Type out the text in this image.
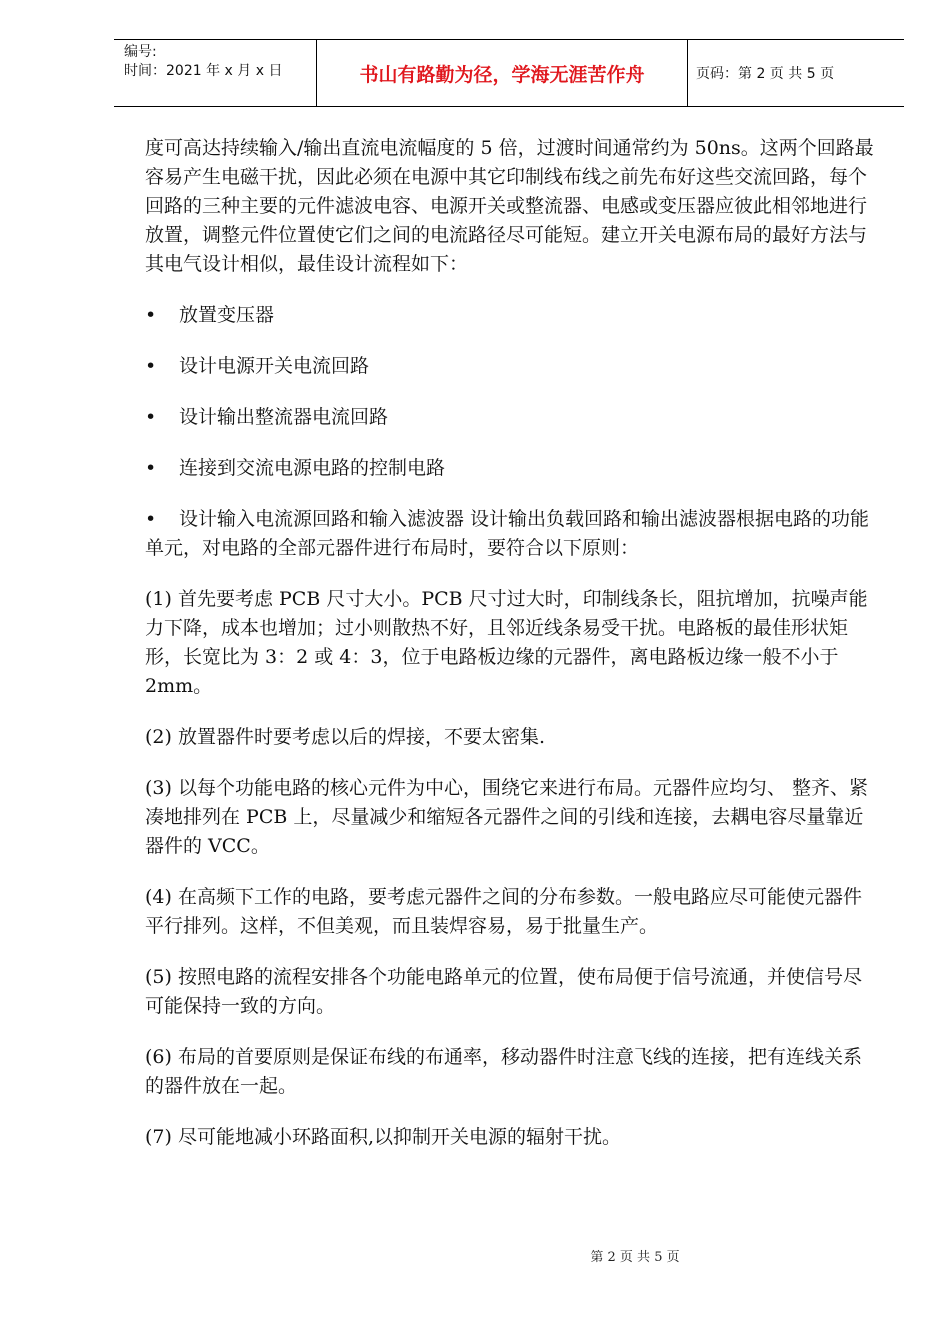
编号:
时间：2021 年 x 月 x 日	书山有路勤为径，学海无涯苦作舟	页码：第 2 页 共 5 页

度可高达持续输入/输出直流电流幅度的 5 倍，过渡时间通常约为 50ns。这两个回路最容易产生电磁干扰，因此必须在电源中其它印制线布线之前先布好这些交流回路，每个回路的三种主要的元件滤波电容、电源开关或整流器、电感或变压器应彼此相邻地进行放置，调整元件位置使它们之间的电流路径尽可能短。建立开关电源布局的最好方法与其电气设计相似，最佳设计流程如下：

• 放置变压器
• 设计电源开关电流回路
• 设计输出整流器电流回路
• 连接到交流电源电路的控制电路
• 设计输入电流源回路和输入滤波器 设计输出负载回路和输出滤波器根据电路的功能单元，对电路的全部元器件进行布局时，要符合以下原则：

(1) 首先要考虑 PCB 尺寸大小。PCB 尺寸过大时，印制线条长，阻抗增加，抗噪声能力下降，成本也增加；过小则散热不好，且邻近线条易受干扰。电路板的最佳形状矩形，长宽比为 3：2 或 4：3，位于电路板边缘的元器件，离电路板边缘一般不小于 2mm。

(2) 放置器件时要考虑以后的焊接，不要太密集.

(3) 以每个功能电路的核心元件为中心，围绕它来进行布局。元器件应均匀、 整齐、紧凑地排列在 PCB 上，尽量减少和缩短各元器件之间的引线和连接，去耦电容尽量靠近器件的 VCC。

(4) 在高频下工作的电路，要考虑元器件之间的分布参数。一般电路应尽可能使元器件平行排列。这样，不但美观，而且装焊容易，易于批量生产。

(5) 按照电路的流程安排各个功能电路单元的位置，使布局便于信号流通，并使信号尽可能保持一致的方向。

(6) 布局的首要原则是保证布线的布通率，移动器件时注意飞线的连接，把有连线关系的器件放在一起。

(7) 尽可能地减小环路面积,以抑制开关电源的辐射干扰。

第 2 页 共 5 页
